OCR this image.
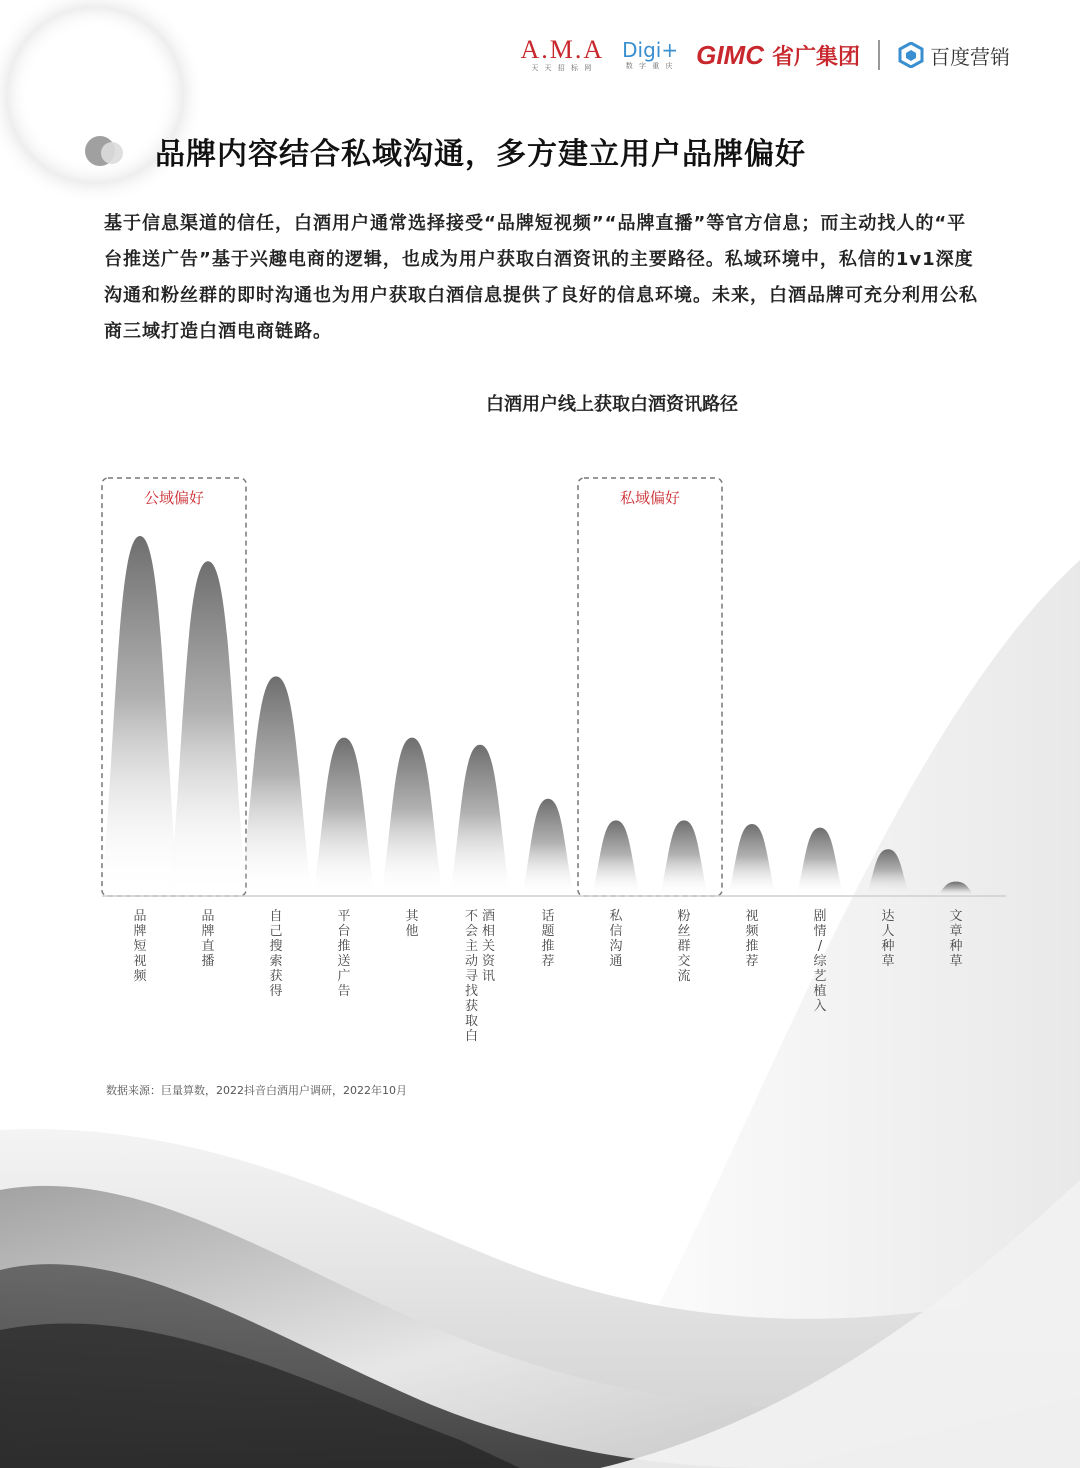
A.M.A
天 天 招 标 网
Digi+
数 字 重 庆 GIMC 省广集团	百度营销
品牌内容结合私域沟通，多方建立用户品牌偏好
基于信息渠道的信任，白酒用户通常选择接受“品牌短视频”“品牌直播”等官方信息；而主动找人的“平台推送广告”基于兴趣电商的逻辑，也成为用户获取白酒资讯的主要路径。私域环境中，私信的1v1深度沟通和粉丝群的即时沟通也为用户获取白酒信息提供了良好的信息环境。未来，白酒品牌可充分利用公私商三域打造白酒电商链路。
白酒用户线上获取白酒资讯路径
公域偏好	私域偏好
品牌短视频
品牌直播
自己搜索获得
平台推送广告
其他
不会主动寻找获取白酒相关资讯
话题推荐
私信沟通
粉丝群交流
视频推荐
剧情/综艺植入
达人种草
文章种草
数据来源：巨量算数，2022抖音白酒用户调研，2022年10月
